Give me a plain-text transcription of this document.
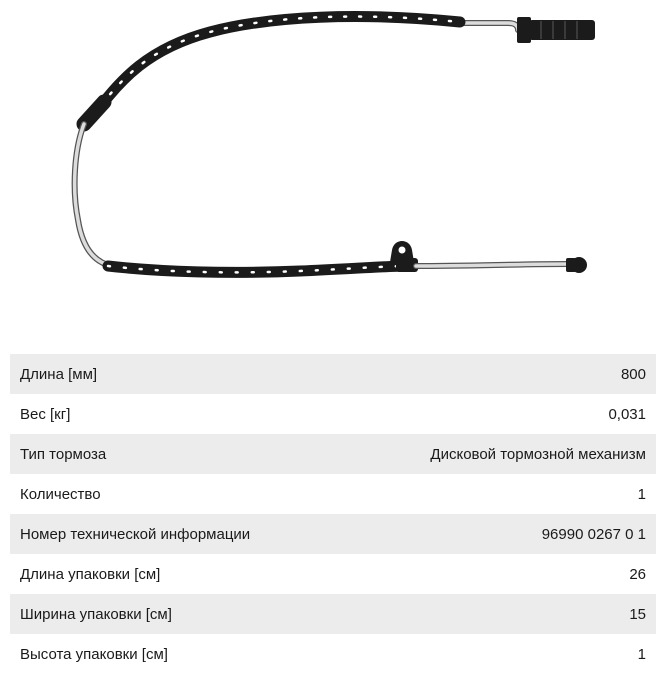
Длина [мм]	800
Вес [кг]	0,031
Тип тормоза	Дисковой тормозной механизм
Количество	1
Номер технической информации	96990 0267 0 1
Длина упаковки [см]	26
Ширина упаковки [см]	15
Высота упаковки [см]	1
